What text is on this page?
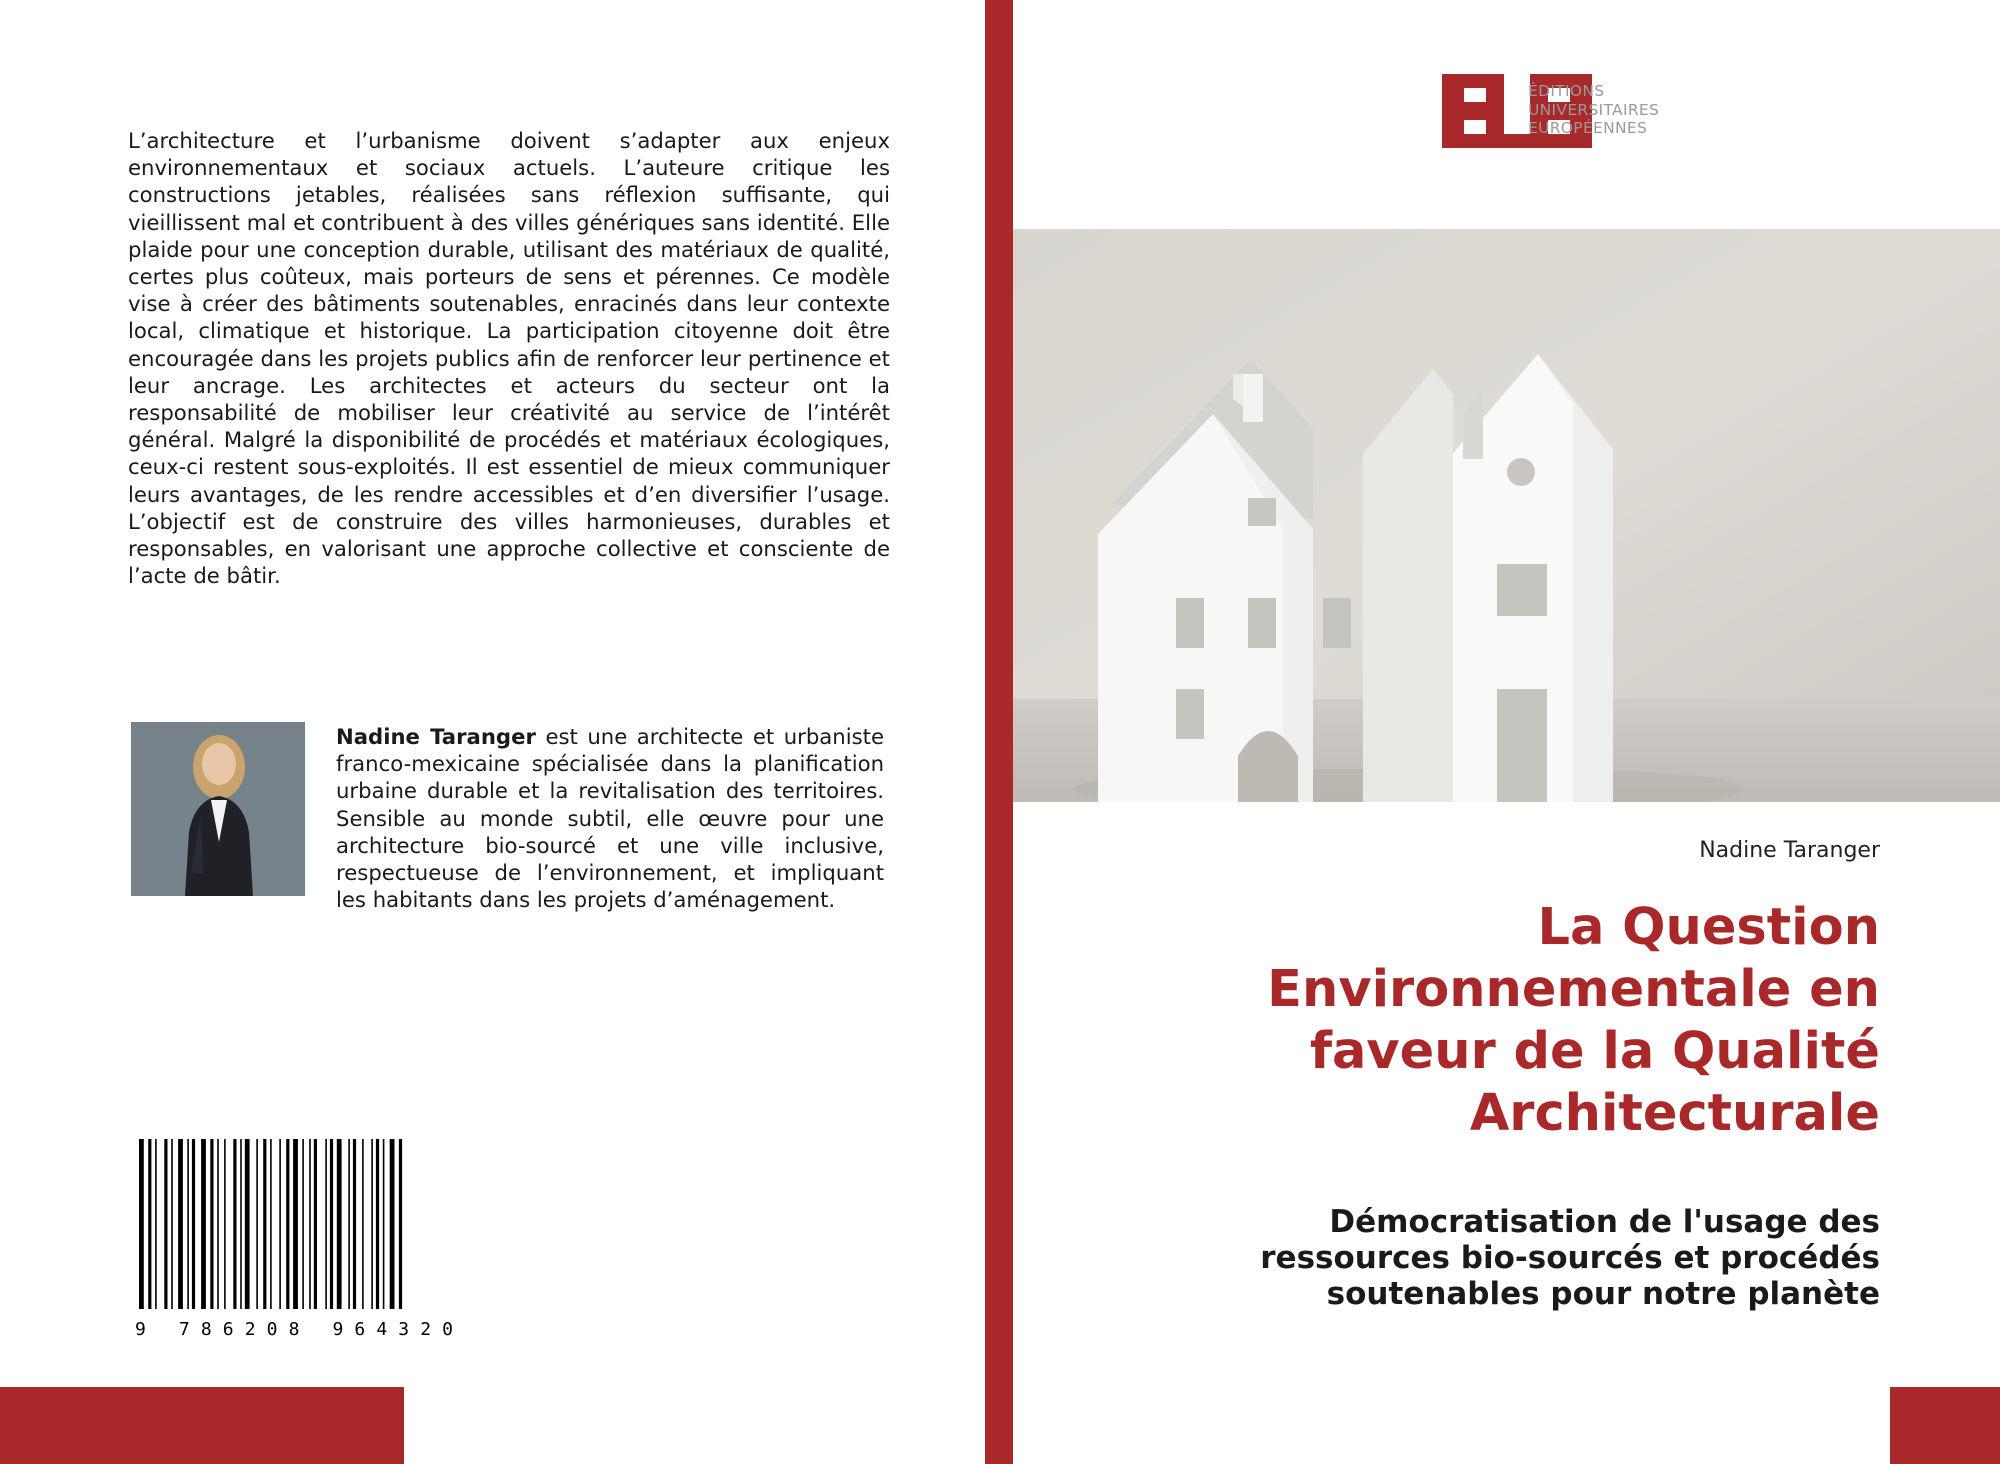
L’architecture et l’urbanisme doivent s’adapter aux enjeux environnementaux et sociaux actuels. L’auteure critique les constructions jetables, réalisées sans réflexion suffisante, qui vieillissent mal et contribuent à des villes génériques sans identité. Elle plaide pour une conception durable, utilisant des matériaux de qualité, certes plus coûteux, mais porteurs de sens et pérennes. Ce modèle vise à créer des bâtiments soutenables, enracinés dans leur contexte local, climatique et historique. La participation citoyenne doit être encouragée dans les projets publics afin de renforcer leur pertinence et leur ancrage. Les architectes et acteurs du secteur ont la responsabilité de mobiliser leur créativité au service de l’intérêt général. Malgré la disponibilité de procédés et matériaux écologiques, ceux-ci restent sous-exploités. Il est essentiel de mieux communiquer leurs avantages, de les rendre accessibles et d’en diversifier l’usage. L’objectif est de construire des villes harmonieuses, durables et responsables, en valorisant une approche collective et consciente de l’acte de bâtir.
Nadine Taranger est une architecte et urbaniste franco-mexicaine spécialisée dans la planification urbaine durable et la revitalisation des territoires. Sensible au monde subtil, elle œuvre pour une architecture bio-sourcé et une ville inclusive, respectueuse de l’environnement, et impliquant les habitants dans les projets d’aménagement.
9 786208 964320
ÉDITIONS
UNIVERSITAIRES
EUROPÉENNES
Nadine Taranger
La Question Environnementale en faveur de la Qualité Architecturale
Démocratisation de l'usage des ressources bio-sourcés et procédés soutenables pour notre planète
